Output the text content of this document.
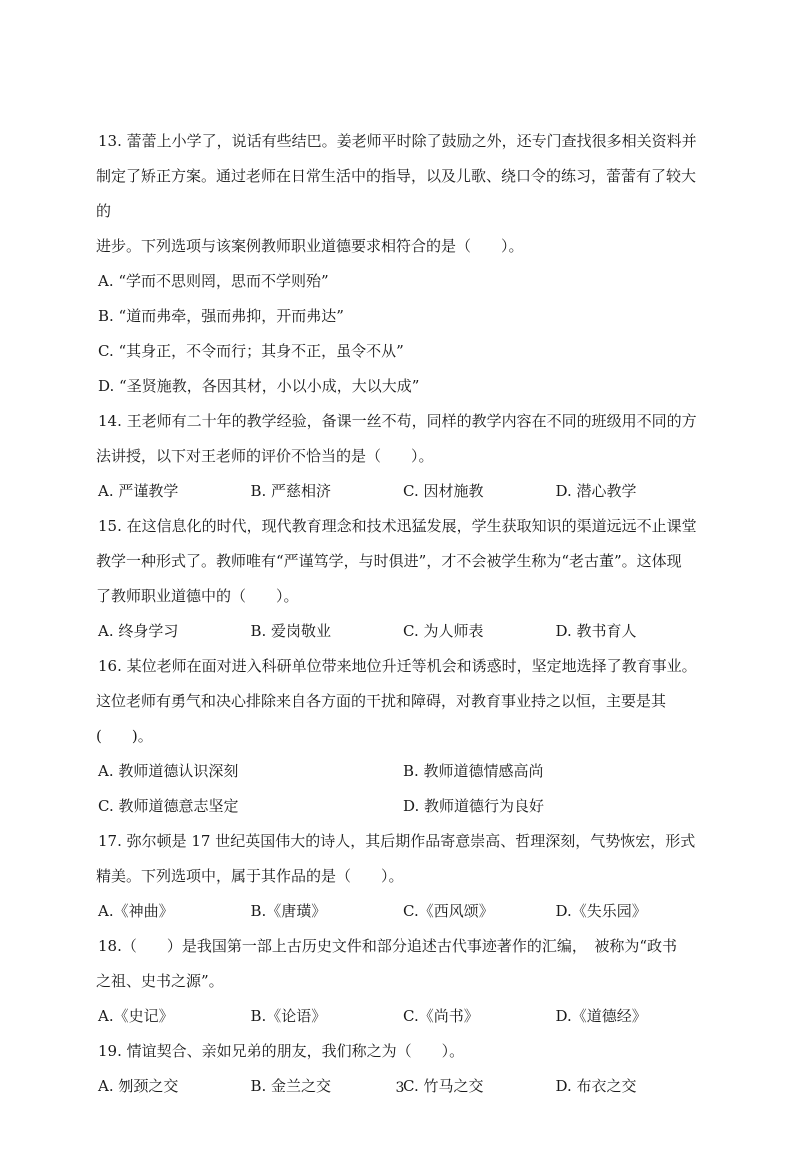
13. 蕾蕾上小学了，说话有些结巴。姜老师平时除了鼓励之外，还专门查找很多相关资料并

制定了矫正方案。通过老师在日常生活中的指导，以及儿歌、绕口令的练习，蕾蕾有了较大的

进步。下列选项与该案例教师职业道德要求相符合的是（　　）。

A. “学而不思则罔，思而不学则殆”

B. “道而弗牵，强而弗抑，开而弗达”

C. “其身正，不令而行；其身不正，虽令不从”

D. “圣贤施教，各因其材，小以小成，大以大成”

14. 王老师有二十年的教学经验，备课一丝不苟，同样的教学内容在不同的班级用不同的方

法讲授，以下对王老师的评价不恰当的是（　　）。

A. 严谨教学	B. 严慈相济	C. 因材施教	D. 潜心教学

15. 在这信息化的时代，现代教育理念和技术迅猛发展，学生获取知识的渠道远远不止课堂

教学一种形式了。教师唯有“严谨笃学，与时俱进”，才不会被学生称为“老古董”。这体现

了教师职业道德中的（　　）。

A. 终身学习	B. 爱岗敬业	C. 为人师表	D. 教书育人

16. 某位老师在面对进入科研单位带来地位升迁等机会和诱惑时，坚定地选择了教育事业。

这位老师有勇气和决心排除来自各方面的干扰和障碍，对教育事业持之以恒，主要是其(　　)。

A. 教师道德认识深刻	B. 教师道德情感高尚
C. 教师道德意志坚定	D. 教师道德行为良好

17. 弥尔顿是 17 世纪英国伟大的诗人，其后期作品寄意崇高、哲理深刻，气势恢宏，形式

精美。下列选项中，属于其作品的是（　　）。

A.《神曲》	B.《唐璜》	C.《西风颂》	D.《失乐园》

18.（　　）是我国第一部上古历史文件和部分追述古代事迹著作的汇编，　被称为“政书

之祖、史书之源”。

A.《史记》	B.《论语》	C.《尚书》	D.《道德经》

19. 情谊契合、亲如兄弟的朋友，我们称之为（　　）。

A. 刎颈之交	B. 金兰之交	C. 竹马之交	D. 布衣之交
3
